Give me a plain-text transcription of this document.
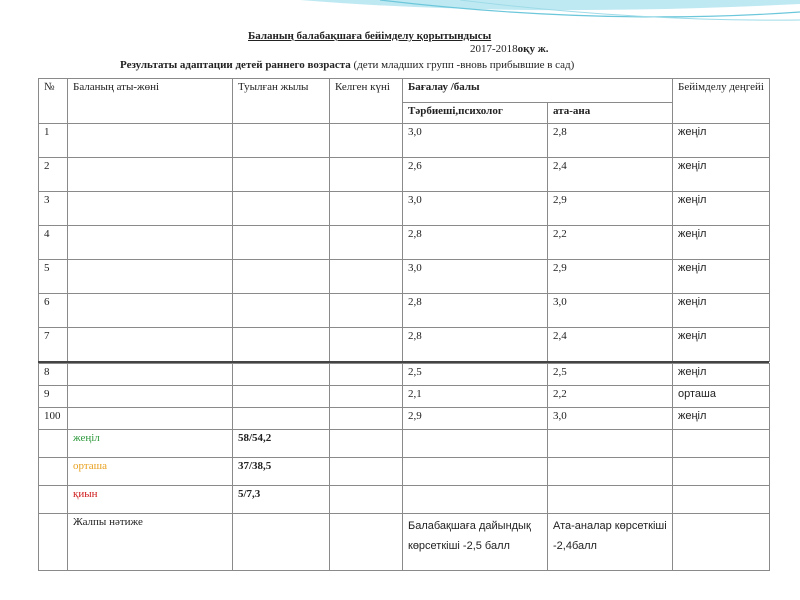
Баланың балабақшаға бейімделу қорытындысы
2017-2018оқу ж.
Результаты адаптации детей раннего возраста (дети младших групп -вновь прибывшие в сад)
№	Баланың аты-жөні	Туылған жылы	Келген күні	Бағалау /балы		Бейімделу деңгейі
				Тәрбиеші,психолог	ата-ана	
1				3,0	2,8	жеңіл
2				2,6	2,4	жеңіл
3				3,0	2,9	жеңіл
4				2,8	2,2	жеңіл
5				3,0	2,9	жеңіл
6				2,8	3,0	жеңіл
7				2,8	2,4	жеңіл
8				2,5	2,5	жеңіл
9				2,1	2,2	орташа
100				2,9	3,0	жеңіл
	жеңіл	58/54,2				
	орташа	37/38,5				
	қиын	5/7,3				
	Жалпы нәтиже			Балабақшаға дайындық көрсеткіші -2,5 балл	Ата-аналар көрсеткіші -2,4балл	
